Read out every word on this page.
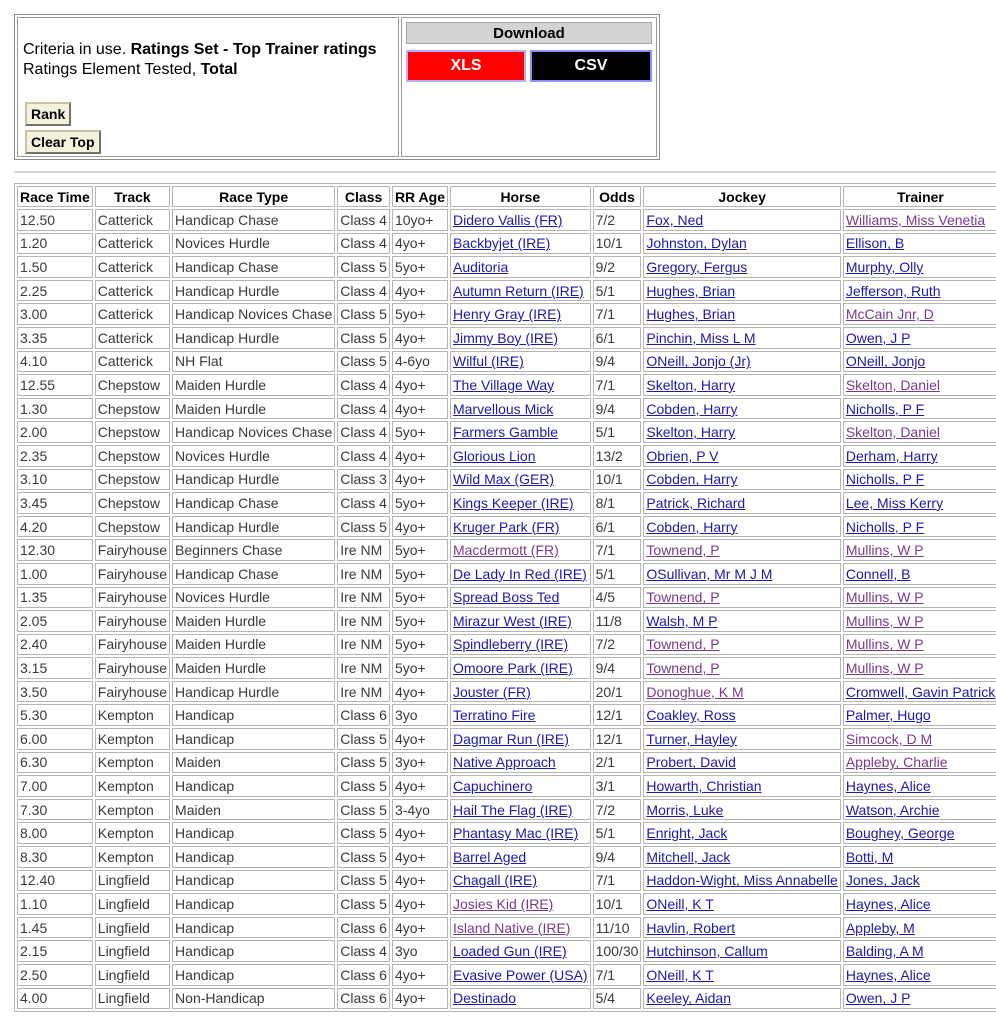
Criteria in use. Ratings Set - Top Trainer ratings
Ratings Element Tested, Total
Rank
Clear Top
Download
XLS	CSV
Race Time	Track	Race Type	Class	RR Age	Horse	Odds	Jockey	Trainer
12.50	Catterick	Handicap Chase	Class 4	10yo+	Didero Vallis (FR)	7/2	Fox, Ned	Williams, Miss Venetia
1.20	Catterick	Novices Hurdle	Class 4	4yo+	Backbyjet (IRE)	10/1	Johnston, Dylan	Ellison, B
1.50	Catterick	Handicap Chase	Class 5	5yo+	Auditoria	9/2	Gregory, Fergus	Murphy, Olly
2.25	Catterick	Handicap Hurdle	Class 4	4yo+	Autumn Return (IRE)	5/1	Hughes, Brian	Jefferson, Ruth
3.00	Catterick	Handicap Novices Chase	Class 5	5yo+	Henry Gray (IRE)	7/1	Hughes, Brian	McCain Jnr, D
3.35	Catterick	Handicap Hurdle	Class 5	4yo+	Jimmy Boy (IRE)	6/1	Pinchin, Miss L M	Owen, J P
4.10	Catterick	NH Flat	Class 5	4-6yo	Wilful (IRE)	9/4	ONeill, Jonjo (Jr)	ONeill, Jonjo
12.55	Chepstow	Maiden Hurdle	Class 4	4yo+	The Village Way	7/1	Skelton, Harry	Skelton, Daniel
1.30	Chepstow	Maiden Hurdle	Class 4	4yo+	Marvellous Mick	9/4	Cobden, Harry	Nicholls, P F
2.00	Chepstow	Handicap Novices Chase	Class 4	5yo+	Farmers Gamble	5/1	Skelton, Harry	Skelton, Daniel
2.35	Chepstow	Novices Hurdle	Class 4	4yo+	Glorious Lion	13/2	Obrien, P V	Derham, Harry
3.10	Chepstow	Handicap Hurdle	Class 3	4yo+	Wild Max (GER)	10/1	Cobden, Harry	Nicholls, P F
3.45	Chepstow	Handicap Chase	Class 4	5yo+	Kings Keeper (IRE)	8/1	Patrick, Richard	Lee, Miss Kerry
4.20	Chepstow	Handicap Hurdle	Class 5	4yo+	Kruger Park (FR)	6/1	Cobden, Harry	Nicholls, P F
12.30	Fairyhouse	Beginners Chase	Ire NM	5yo+	Macdermott (FR)	7/1	Townend, P	Mullins, W P
1.00	Fairyhouse	Handicap Chase	Ire NM	5yo+	De Lady In Red (IRE)	5/1	OSullivan, Mr M J M	Connell, B
1.35	Fairyhouse	Novices Hurdle	Ire NM	5yo+	Spread Boss Ted	4/5	Townend, P	Mullins, W P
2.05	Fairyhouse	Maiden Hurdle	Ire NM	5yo+	Mirazur West (IRE)	11/8	Walsh, M P	Mullins, W P
2.40	Fairyhouse	Maiden Hurdle	Ire NM	5yo+	Spindleberry (IRE)	7/2	Townend, P	Mullins, W P
3.15	Fairyhouse	Maiden Hurdle	Ire NM	5yo+	Omoore Park (IRE)	9/4	Townend, P	Mullins, W P
3.50	Fairyhouse	Handicap Hurdle	Ire NM	4yo+	Jouster (FR)	20/1	Donoghue, K M	Cromwell, Gavin Patrick
5.30	Kempton	Handicap	Class 6	3yo	Terratino Fire	12/1	Coakley, Ross	Palmer, Hugo
6.00	Kempton	Handicap	Class 5	4yo+	Dagmar Run (IRE)	12/1	Turner, Hayley	Simcock, D M
6.30	Kempton	Maiden	Class 5	3yo+	Native Approach	2/1	Probert, David	Appleby, Charlie
7.00	Kempton	Handicap	Class 5	4yo+	Capuchinero	3/1	Howarth, Christian	Haynes, Alice
7.30	Kempton	Maiden	Class 5	3-4yo	Hail The Flag (IRE)	7/2	Morris, Luke	Watson, Archie
8.00	Kempton	Handicap	Class 5	4yo+	Phantasy Mac (IRE)	5/1	Enright, Jack	Boughey, George
8.30	Kempton	Handicap	Class 5	4yo+	Barrel Aged	9/4	Mitchell, Jack	Botti, M
12.40	Lingfield	Handicap	Class 5	4yo+	Chagall (IRE)	7/1	Haddon-Wight, Miss Annabelle	Jones, Jack
1.10	Lingfield	Handicap	Class 5	4yo+	Josies Kid (IRE)	10/1	ONeill, K T	Haynes, Alice
1.45	Lingfield	Handicap	Class 6	4yo+	Island Native (IRE)	11/10	Havlin, Robert	Appleby, M
2.15	Lingfield	Handicap	Class 4	3yo	Loaded Gun (IRE)	100/30	Hutchinson, Callum	Balding, A M
2.50	Lingfield	Handicap	Class 6	4yo+	Evasive Power (USA)	7/1	ONeill, K T	Haynes, Alice
4.00	Lingfield	Non-Handicap	Class 6	4yo+	Destinado	5/4	Keeley, Aidan	Owen, J P
